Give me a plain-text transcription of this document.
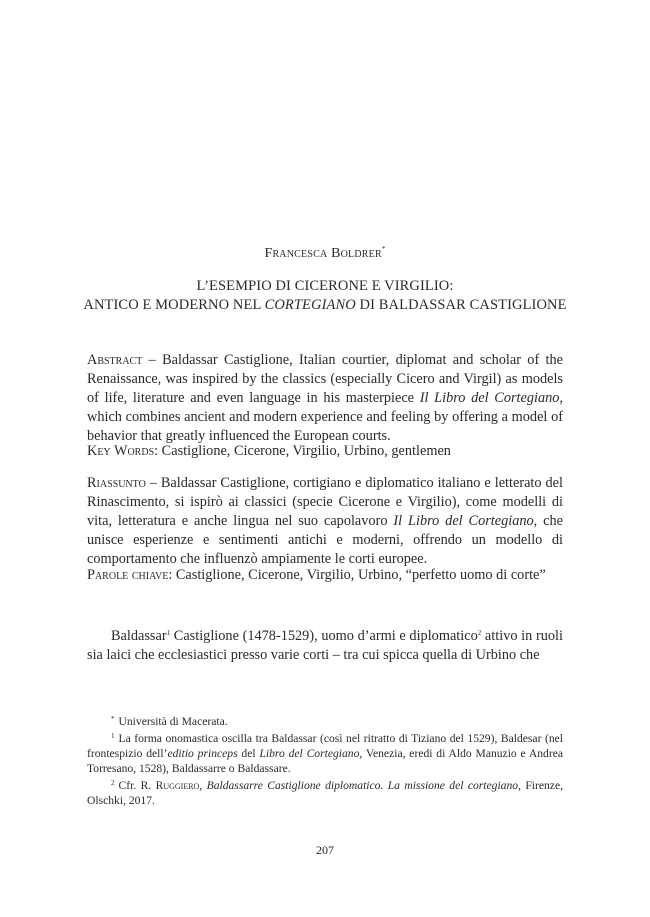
Francesca Boldrer*
L’ESEMPIO DI CICERONE E VIRGILIO:
ANTICO E MODERNO NEL CORTEGIANO DI BALDASSAR CASTIGLIONE

Abstract – Baldassar Castiglione, Italian courtier, diplomat and scholar of the Renaissance, was inspired by the classics (especially Cicero and Virgil) as models of life, literature and even language in his masterpiece Il Libro del Cortegiano, which combines ancient and modern experience and feeling by offering a model of behavior that greatly influenced the European courts.

Key Words: Castiglione, Cicerone, Virgilio, Urbino, gentlemen

Riassunto – Baldassar Castiglione, cortigiano e diplomatico italiano e letterato del Rinascimento, si ispirò ai classici (specie Cicerone e Virgilio), come modelli di vita, letteratura e anche lingua nel suo capolavoro Il Libro del Cortegiano, che unisce esperienze e sentimenti antichi e moderni, offrendo un modello di comportamento che influenzò ampiamente le corti europee.

Parole chiave: Castiglione, Cicerone, Virgilio, Urbino, “perfetto uomo di corte”

Baldassar$^1$ Castiglione (1478-1529), uomo d’armi e diplomatico$^2$ attivo in ruoli sia laici che ecclesiastici presso varie corti – tra cui spicca quella di Urbino che

* Università di Macerata.

$^1$ La forma onomastica oscilla tra Baldassar (così nel ritratto di Tiziano del 1529), Baldesar (nel frontespizio dell’editio princeps del Libro del Cortegiano, Venezia, eredi di Aldo Manuzio e Andrea Torresano, 1528), Baldassarre o Baldassare.

$^2$ Cfr. R. Ruggiero, Baldassarre Castiglione diplomatico. La missione del cortegiano, Firenze, Olschki, 2017.

207
